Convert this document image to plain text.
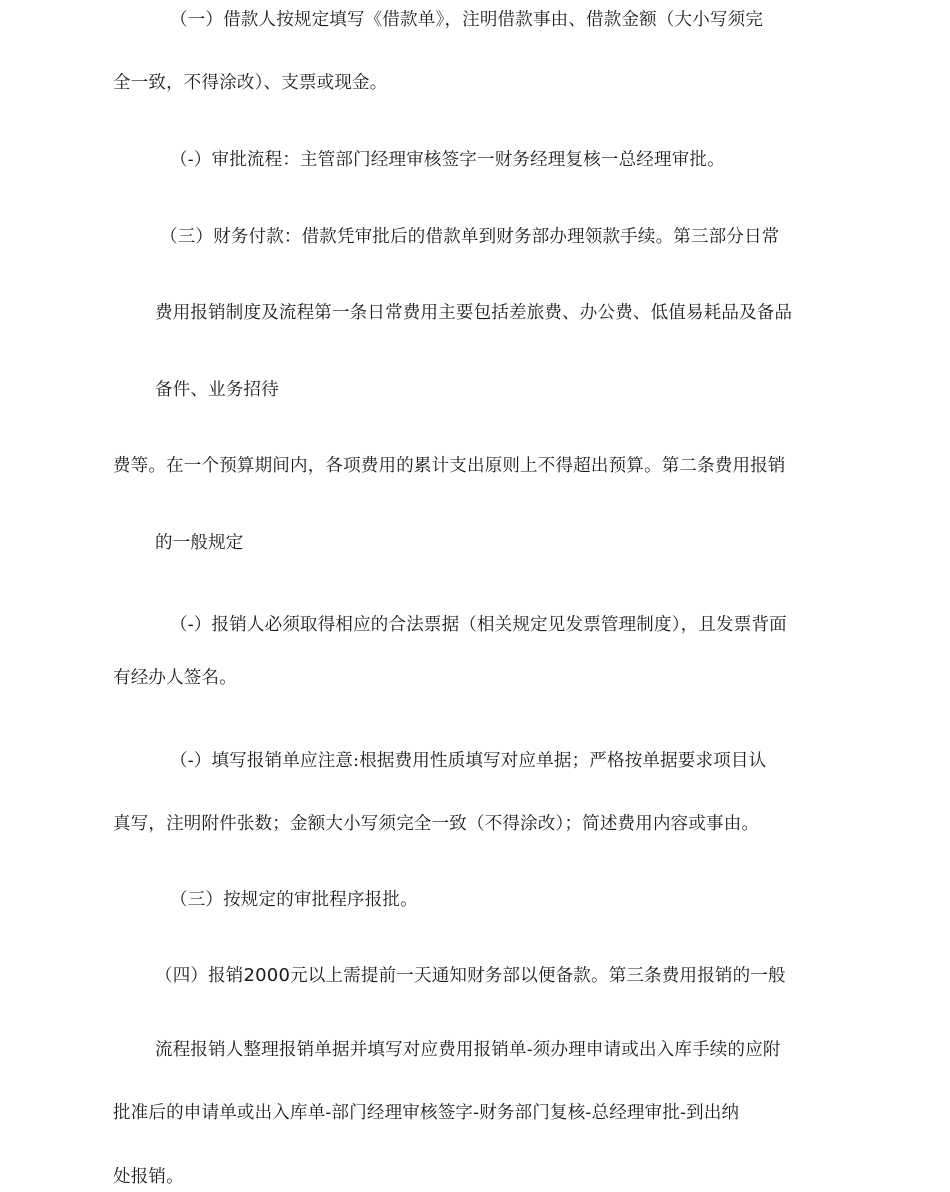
（一）借款人按规定填写《借款单》，注明借款事由、借款金额（大小写须完
全一致，不得涂改）、支票或现金。
（-）审批流程：主管部门经理审核签字一财务经理复核一总经理审批。
（三）财务付款：借款凭审批后的借款单到财务部办理领款手续。第三部分日常
费用报销制度及流程第一条日常费用主要包括差旅费、办公费、低值易耗品及备品
备件、业务招待
费等。在一个预算期间内，各项费用的累计支出原则上不得超出预算。第二条费用报销
的一般规定
（-）报销人必须取得相应的合法票据（相关规定见发票管理制度），且发票背面
有经办人签名。
（-）填写报销单应注意:根据费用性质填写对应单据；严格按单据要求项目认
真写，注明附件张数；金额大小写须完全一致（不得涂改）；简述费用内容或事由。
（三）按规定的审批程序报批。
（四）报销2000元以上需提前一天通知财务部以便备款。第三条费用报销的一般
流程报销人整理报销单据并填写对应费用报销单-须办理申请或出入库手续的应附
批准后的申请单或出入库单-部门经理审核签字-财务部门复核-总经理审批-到出纳
处报销。
